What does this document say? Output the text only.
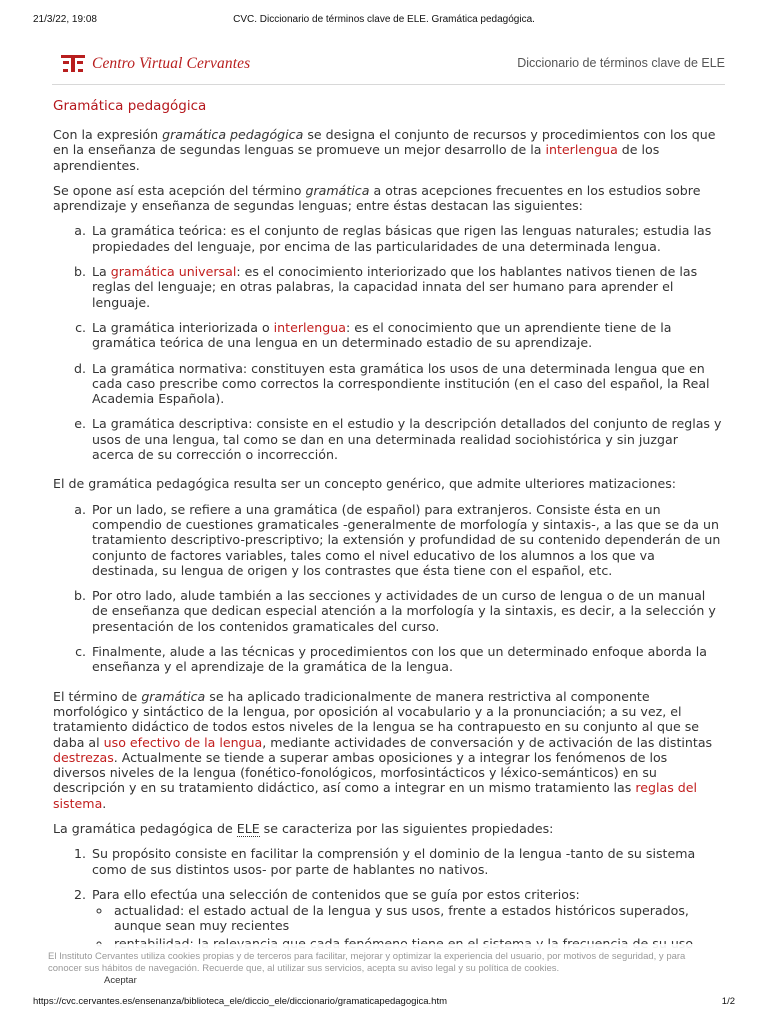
21/3/22, 19:08	CVC. Diccionario de términos clave de ELE. Gramática pedagógica.
Centro Virtual Cervantes	Diccionario de términos clave de ELE
Gramática pedagógica

Con la expresión gramática pedagógica se designa el conjunto de recursos y procedimientos con los que en la enseñanza de segundas lenguas se promueve un mejor desarrollo de la interlengua de los aprendientes.

Se opone así esta acepción del término gramática a otras acepciones frecuentes en los estudios sobre aprendizaje y enseñanza de segundas lenguas; entre éstas destacan las siguientes:

a. La gramática teórica: es el conjunto de reglas básicas que rigen las lenguas naturales; estudia las propiedades del lenguaje, por encima de las particularidades de una determinada lengua.
b. La gramática universal: es el conocimiento interiorizado que los hablantes nativos tienen de las reglas del lenguaje; en otras palabras, la capacidad innata del ser humano para aprender el lenguaje.
c. La gramática interiorizada o interlengua: es el conocimiento que un aprendiente tiene de la gramática teórica de una lengua en un determinado estadio de su aprendizaje.
d. La gramática normativa: constituyen esta gramática los usos de una determinada lengua que en cada caso prescribe como correctos la correspondiente institución (en el caso del español, la Real Academia Española).
e. La gramática descriptiva: consiste en el estudio y la descripción detallados del conjunto de reglas y usos de una lengua, tal como se dan en una determinada realidad sociohistórica y sin juzgar acerca de su corrección o incorrección.

El de gramática pedagógica resulta ser un concepto genérico, que admite ulteriores matizaciones:

a. Por un lado, se refiere a una gramática (de español) para extranjeros. Consiste ésta en un compendio de cuestiones gramaticales -generalmente de morfología y sintaxis-, a las que se da un tratamiento descriptivo-prescriptivo; la extensión y profundidad de su contenido dependerán de un conjunto de factores variables, tales como el nivel educativo de los alumnos a los que va destinada, su lengua de origen y los contrastes que ésta tiene con el español, etc.
b. Por otro lado, alude también a las secciones y actividades de un curso de lengua o de un manual de enseñanza que dedican especial atención a la morfología y la sintaxis, es decir, a la selección y presentación de los contenidos gramaticales del curso.
c. Finalmente, alude a las técnicas y procedimientos con los que un determinado enfoque aborda la enseñanza y el aprendizaje de la gramática de la lengua.

El término de gramática se ha aplicado tradicionalmente de manera restrictiva al componente morfológico y sintáctico de la lengua, por oposición al vocabulario y a la pronunciación; a su vez, el tratamiento didáctico de todos estos niveles de la lengua se ha contrapuesto en su conjunto al que se daba al uso efectivo de la lengua, mediante actividades de conversación y de activación de las distintas destrezas. Actualmente se tiende a superar ambas oposiciones y a integrar los fenómenos de los diversos niveles de la lengua (fonético-fonológicos, morfosintácticos y léxico-semánticos) en su descripción y en su tratamiento didáctico, así como a integrar en un mismo tratamiento las reglas del sistema.

La gramática pedagógica de ELE se caracteriza por las siguientes propiedades:

1. Su propósito consiste en facilitar la comprensión y el dominio de la lengua -tanto de su sistema como de sus distintos usos- por parte de hablantes no nativos.
2. Para ello efectúa una selección de contenidos que se guía por estos criterios:
◦ actualidad: el estado actual de la lengua y sus usos, frente a estados históricos superados, aunque sean muy recientes
◦
El Instituto Cervantes utiliza cookies propias y de terceros para facilitar, mejorar y optimizar la experiencia del usuario, por motivos de seguridad, y para conocer sus hábitos de navegación. Recuerde que, al utilizar sus servicios, acepta su aviso legal y su política de cookies.
Aceptar
https://cvc.cervantes.es/ensenanza/biblioteca_ele/diccio_ele/diccionario/gramaticapedagogica.htm	1/2
